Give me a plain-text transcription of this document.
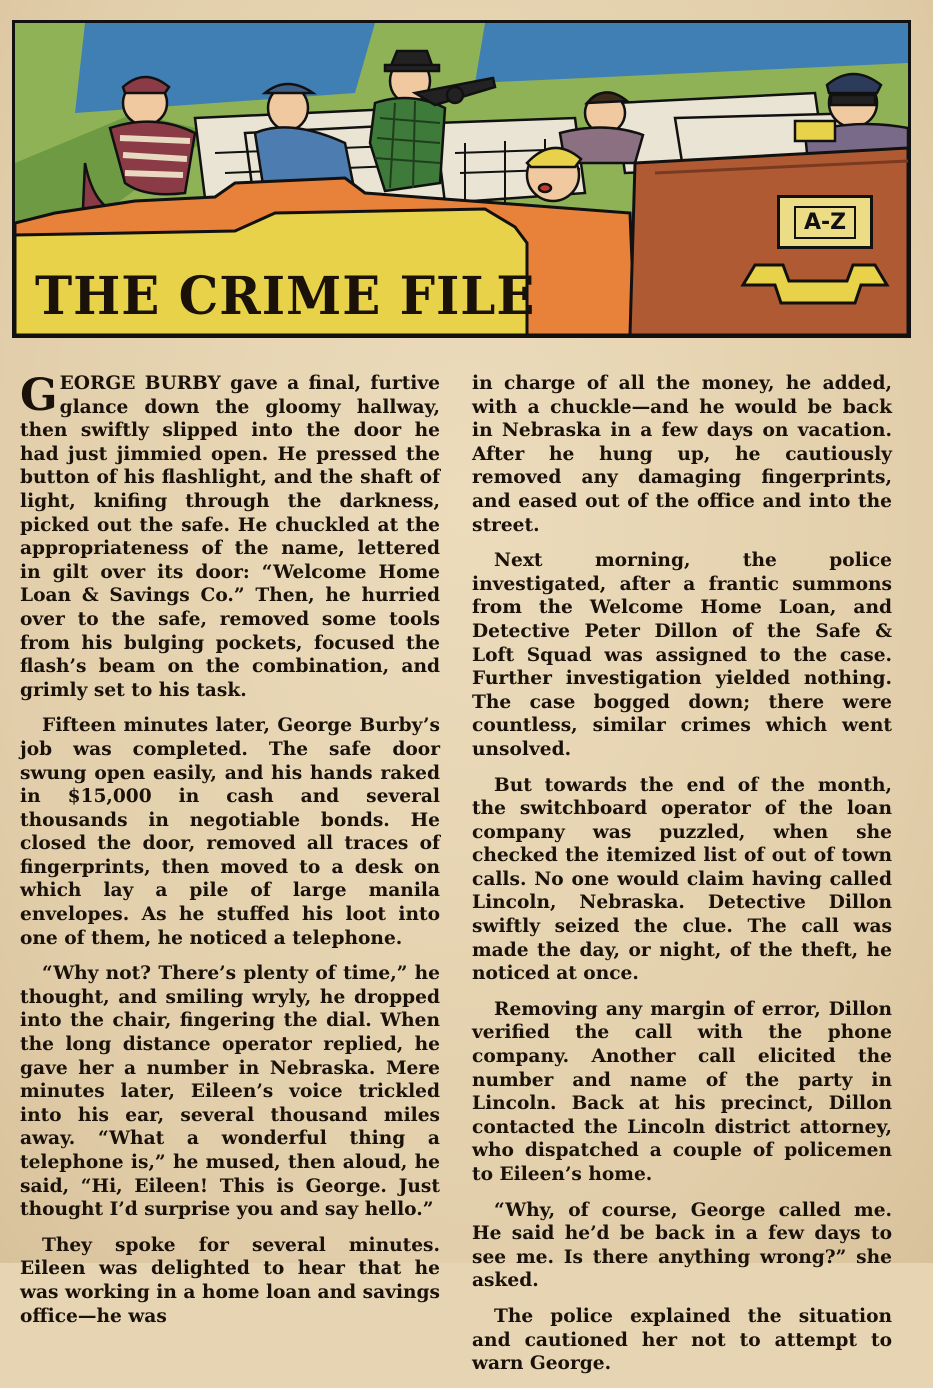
THE CRIME FILE
A-Z

GEORGE BURBY gave a final, furtive glance down the gloomy hallway, then swiftly slipped into the door he had just jimmied open. He pressed the button of his flashlight, and the shaft of light, knifing through the darkness, picked out the safe. He chuckled at the appropriateness of the name, lettered in gilt over its door: “Welcome Home Loan & Savings Co.” Then, he hurried over to the safe, removed some tools from his bulging pockets, focused the flash’s beam on the combination, and grimly set to his task.

Fifteen minutes later, George Burby’s job was completed. The safe door swung open easily, and his hands raked in $15,000 in cash and several thousands in negotiable bonds. He closed the door, removed all traces of fingerprints, then moved to a desk on which lay a pile of large manila envelopes. As he stuffed his loot into one of them, he noticed a telephone.

“Why not? There’s plenty of time,” he thought, and smiling wryly, he dropped into the chair, fingering the dial. When the long distance operator replied, he gave her a number in Nebraska. Mere minutes later, Eileen’s voice trickled into his ear, several thousand miles away. “What a wonderful thing a telephone is,” he mused, then aloud, he said, “Hi, Eileen! This is George. Just thought I’d surprise you and say hello.”

They spoke for several minutes. Eileen was delighted to hear that he was working in a home loan and savings office—he was

in charge of all the money, he added, with a chuckle—and he would be back in Nebraska in a few days on vacation. After he hung up, he cautiously removed any damaging fingerprints, and eased out of the office and into the street.

Next morning, the police investigated, after a frantic summons from the Welcome Home Loan, and Detective Peter Dillon of the Safe & Loft Squad was assigned to the case. Further investigation yielded nothing. The case bogged down; there were countless, similar crimes which went unsolved.

But towards the end of the month, the switchboard operator of the loan company was puzzled, when she checked the itemized list of out of town calls. No one would claim having called Lincoln, Nebraska. Detective Dillon swiftly seized the clue. The call was made the day, or night, of the theft, he noticed at once.

Removing any margin of error, Dillon verified the call with the phone company. Another call elicited the number and name of the party in Lincoln. Back at his precinct, Dillon contacted the Lincoln district attorney, who dispatched a couple of policemen to Eileen’s home.

“Why, of course, George called me. He said he’d be back in a few days to see me. Is there anything wrong?” she asked.

The police explained the situation and cautioned her not to attempt to warn George.
